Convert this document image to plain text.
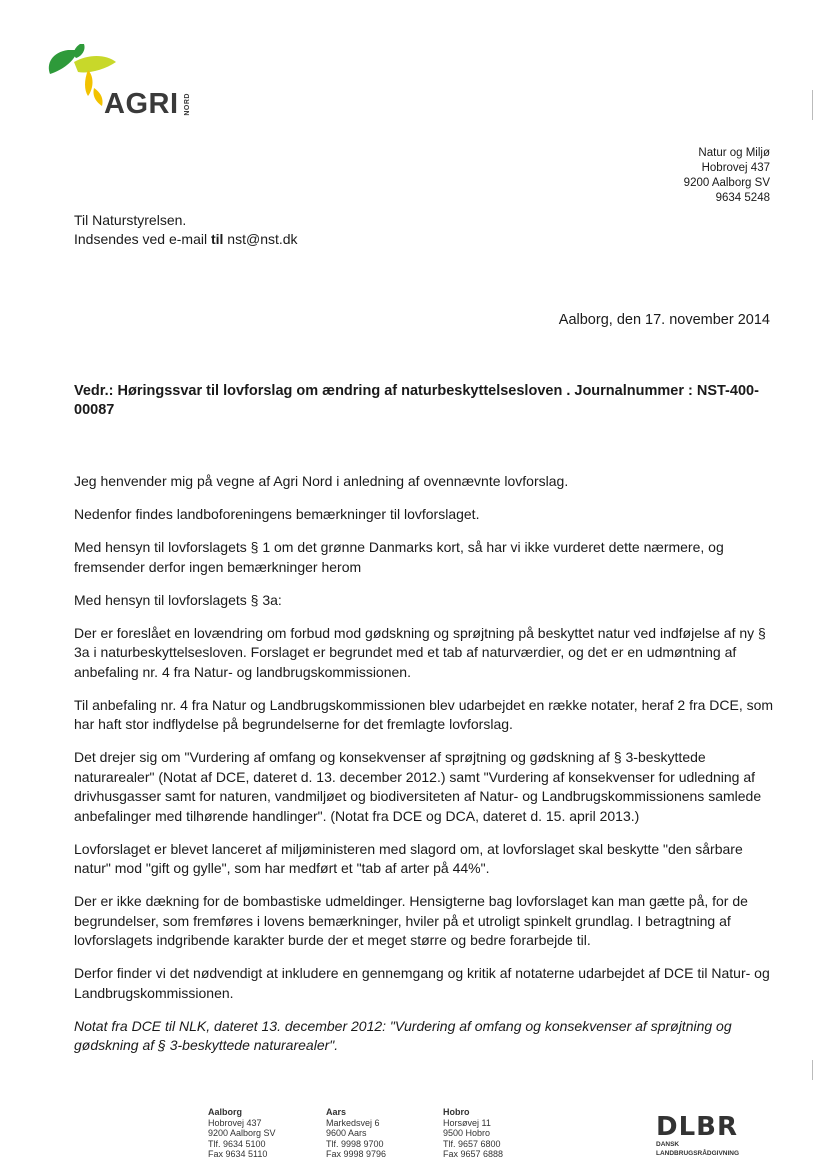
AGRI NORD
Natur og Miljø
Hobrovej 437
9200 Aalborg SV
9634 5248
Til Naturstyrelsen.
Indsendes ved e-mail til nst@nst.dk
Aalborg, den 17. november 2014
Vedr.: Høringssvar til lovforslag om ændring af naturbeskyttelsesloven . Journalnummer : NST-400-00087

Jeg henvender mig på vegne af Agri Nord i anledning af ovennævnte lovforslag.

Nedenfor findes landboforeningens bemærkninger til lovforslaget.

Med hensyn til lovforslagets § 1 om det grønne Danmarks kort, så har vi ikke vurderet dette nærmere, og fremsender derfor ingen bemærkninger herom

Med hensyn til lovforslagets § 3a:

Der er foreslået en lovændring om forbud mod gødskning og sprøjtning på beskyttet natur ved indføjelse af ny § 3a i naturbeskyttelsesloven. Forslaget er begrundet med et tab af naturværdier, og det er en udmøntning af anbefaling nr. 4 fra Natur- og landbrugskommissionen.

Til anbefaling nr. 4 fra Natur og Landbrugskommissionen blev udarbejdet en række notater, heraf 2 fra DCE, som har haft stor indflydelse på begrundelserne for det fremlagte lovforslag.

Det drejer sig om "Vurdering af omfang og konsekvenser af sprøjtning og gødskning af § 3-beskyttede naturarealer" (Notat af DCE, dateret d. 13. december 2012.) samt "Vurdering af konsekvenser for udledning af drivhusgasser samt for naturen, vandmiljøet og biodiversiteten af Natur- og Landbrugskommissionens samlede anbefalinger med tilhørende handlinger". (Notat fra DCE og DCA, dateret d. 15. april 2013.)

Lovforslaget er blevet lanceret af miljøministeren med slagord om, at lovforslaget skal beskytte "den sårbare natur" mod "gift og gylle", som har medført et "tab af arter på 44%".

Der er ikke dækning for de bombastiske udmeldinger. Hensigterne bag lovforslaget kan man gætte på, for de begrundelser, som fremføres i lovens bemærkninger, hviler på et utroligt spinkelt grundlag. I betragtning af lovforslagets indgribende karakter burde der et meget større og bedre forarbejde til.

Derfor finder vi det nødvendigt at inkludere en gennemgang og kritik af notaterne udarbejdet af DCE til Natur- og Landbrugskommissionen.

Notat fra DCE til NLK, dateret 13. december 2012: "Vurdering af omfang og konsekvenser af sprøjtning og gødskning af § 3-beskyttede naturarealer".

Aalborg
Hobrovej 437
9200 Aalborg SV
Tlf. 9634 5100
Fax 9634 5110
Aars
Markedsvej 6
9600 Aars
Tlf. 9998 9700
Fax 9998 9796
Hobro
Horsøvej 11
9500 Hobro
Tlf. 9657 6800
Fax 9657 6888
DLBR
DANSK
LANDBRUGSRÅDGIVNING
